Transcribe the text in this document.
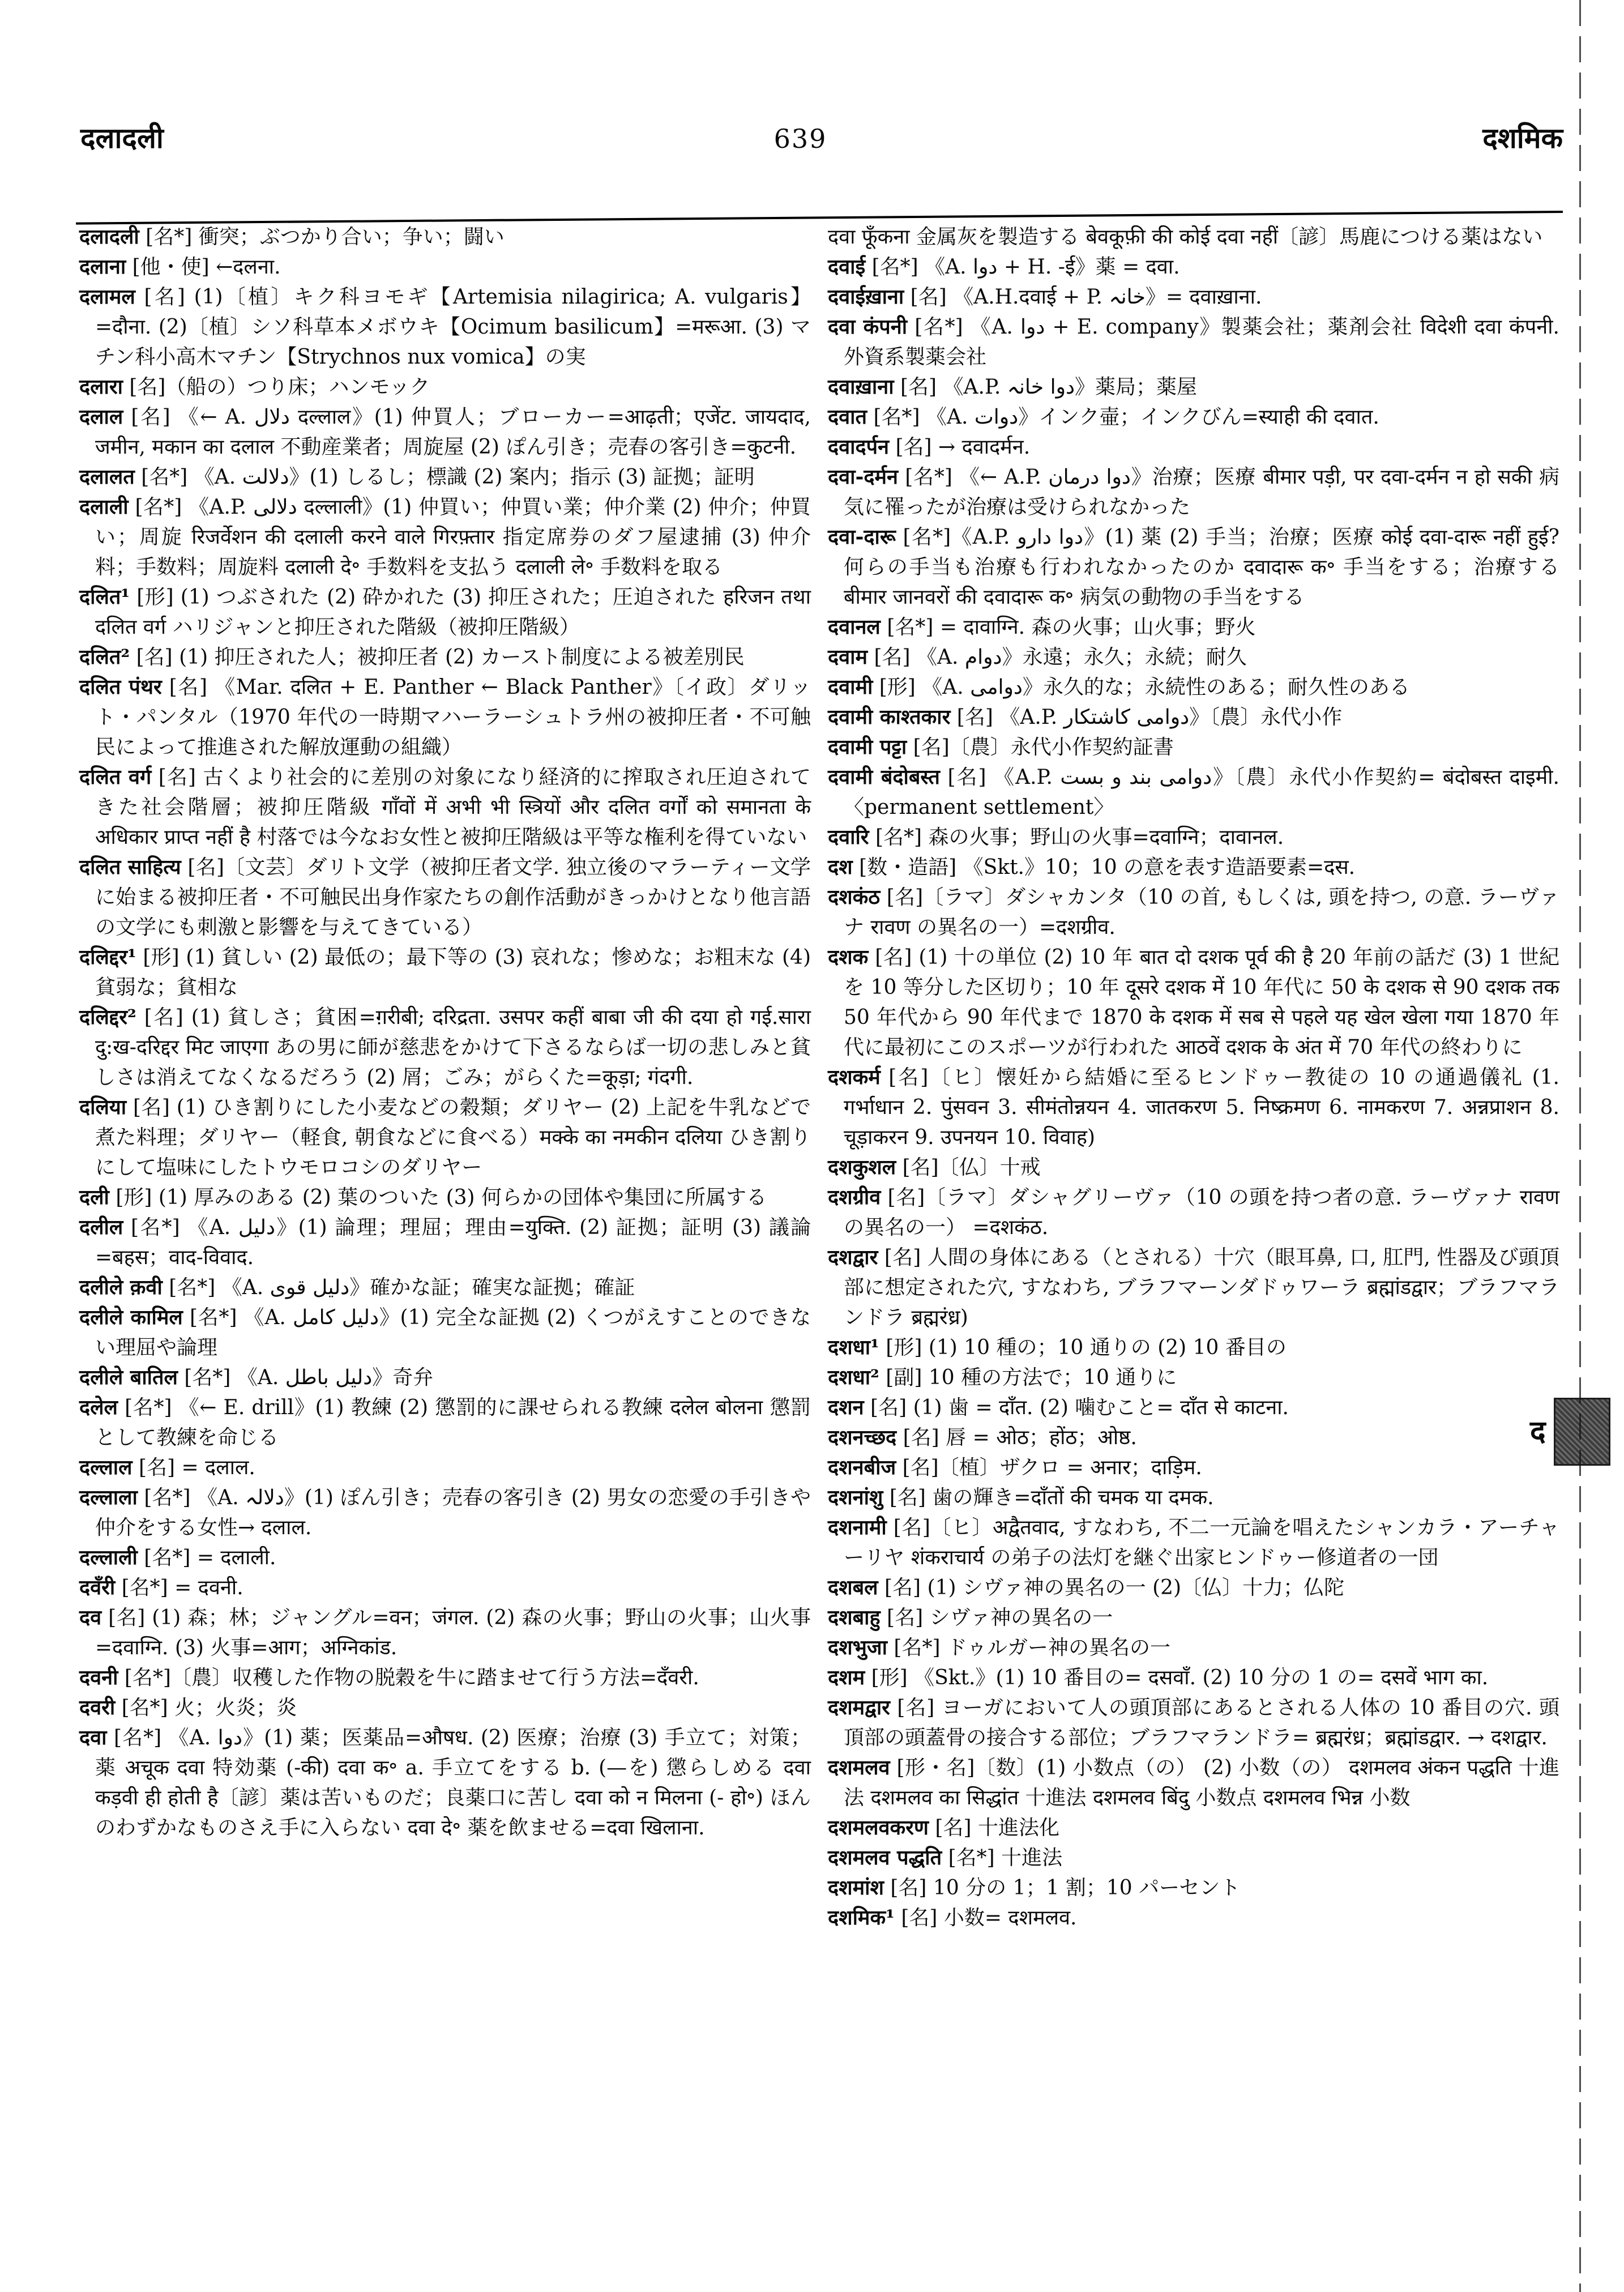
दलादली	639	दशमिक

दलादली [名*] 衝突；ぶつかり合い；争い；闘い

दलाना [他・使] ←दलना.

दलामल [名] (1)〔植〕キク科ヨモギ【Artemisia nilagirica; A. vulgaris】=दौना. (2)〔植〕シソ科草本メボウキ【Ocimum basilicum】=मरूआ. (3) マチン科小高木マチン【Strychnos nux vomica】の実

दलारा [名]（船の）つり床；ハンモック

दलाल [名] 《← A. دلال दल्लाल》(1) 仲買人；ブローカー=आढ़ती；एजेंट. जायदाद, जमीन, मकान का दलाल 不動産業者；周旋屋 (2) ぽん引き；売春の客引き=कुटनी.

दलालत [名*] 《A. دلالت》(1) しるし；標識 (2) 案内；指示 (3) 証拠；証明

दलाली [名*] 《A.P. دلالی दल्लाली》(1) 仲買い；仲買い業；仲介業 (2) 仲介；仲買い；周旋 रिजर्वेशन की दलाली करने वाले गिरफ़्तार 指定席券のダフ屋逮捕 (3) 仲介料；手数料；周旋料 दलाली दे॰ 手数料を支払う दलाली ले॰ 手数料を取る

दलित¹ [形] (1) つぶされた (2) 砕かれた (3) 抑圧された；圧迫された हरिजन तथा दलित वर्ग ハリジャンと抑圧された階級（被抑圧階級）

दलित² [名] (1) 抑圧された人；被抑圧者 (2) カースト制度による被差別民

दलित पंथर [名] 《Mar. दलित + E. Panther ← Black Panther》〔イ政〕ダリット・パンタル（1970 年代の一時期マハーラーシュトラ州の被抑圧者・不可触民によって推進された解放運動の組織）

दलित वर्ग [名] 古くより社会的に差別の対象になり経済的に搾取され圧迫されてきた社会階層；被抑圧階級 गाँवों में अभी भी स्त्रियों और दलित वर्गों को समानता के अधिकार प्राप्त नहीं है 村落では今なお女性と被抑圧階級は平等な権利を得ていない

दलित साहित्य [名]〔文芸〕ダリト文学（被抑圧者文学. 独立後のマラーティー文学に始まる被抑圧者・不可触民出身作家たちの創作活動がきっかけとなり他言語の文学にも刺激と影響を与えてきている）

दलिद्दर¹ [形] (1) 貧しい (2) 最低の；最下等の (3) 哀れな；惨めな；お粗末な (4) 貧弱な；貧相な

दलिद्दर² [名] (1) 貧しさ；貧困=ग़रीबी; दरिद्रता. उसपर कहीं बाबा जी की दया हो गई.सारा दु:ख-दरिद्दर मिट जाएगा あの男に師が慈悲をかけて下さるならば一切の悲しみと貧しさは消えてなくなるだろう (2) 屑；ごみ；がらくた=कूड़ा; गंदगी.

दलिया [名] (1) ひき割りにした小麦などの穀類；ダリヤー (2) 上記を牛乳などで煮た料理；ダリヤー（軽食, 朝食などに食べる）मक्के का नमकीन दलिया ひき割りにして塩味にしたトウモロコシのダリヤー

दली [形] (1) 厚みのある (2) 葉のついた (3) 何らかの団体や集団に所属する

दलील [名*] 《A. دلیل》(1) 論理；理屈；理由=युक्ति. (2) 証拠；証明 (3) 議論=बहस；वाद-विवाद.

दलीले क़वी [名*] 《A. دلیل قوی》確かな証；確実な証拠；確証

दलीले कामिल [名*] 《A. دلیل کامل》(1) 完全な証拠 (2) くつがえすことのできない理屈や論理

दलीले बातिल [名*] 《A. دلیل باطل》奇弁

दलेल [名*] 《← E. drill》(1) 教練 (2) 懲罰的に課せられる教練 दलेल बोलना 懲罰として教練を命じる

दल्लाल [名] = दलाल.

दल्लाला [名*] 《A. دلالہ》(1) ぽん引き；売春の客引き (2) 男女の恋愛の手引きや仲介をする女性→ दलाल.

दल्लाली [名*] = दलाली.

दवँरी [名*] = दवनी.

दव [名] (1) 森；林；ジャングル=वन；जंगल. (2) 森の火事；野山の火事；山火事=दवाग्नि. (3) 火事=आग；अग्निकांड.

दवनी [名*]〔農〕収穫した作物の脱穀を牛に踏ませて行う方法=दँवरी.

दवरी [名*] 火；火炎；炎

दवा [名*] 《A. دوا》(1) 薬；医薬品=औषध. (2) 医療；治療 (3) 手立て；対策；薬 अचूक दवा 特効薬 (-की) दवा क॰ a. 手立てをする b. (—を) 懲らしめる दवा कड़वी ही होती है〔諺〕薬は苦いものだ；良薬口に苦し दवा को न मिलना (- हो॰) ほんのわずかなものさえ手に入らない दवा दे॰ 薬を飲ませる=दवा खिलाना.

दवा फूँकना 金属灰を製造する बेवकूफ़ी की कोई दवा नहीं〔諺〕馬鹿につける薬はない

दवाई [名*] 《A. دوا + H. -ई》薬 = दवा.

दवाईख़ाना [名] 《A.H.दवाई + P. خانہ》= दवाख़ाना.

दवा कंपनी [名*] 《A. دوا + E. company》製薬会社；薬剤会社 विदेशी दवा कंपनी. 外資系製薬会社

दवाख़ाना [名] 《A.P. دوا خانہ》薬局；薬屋

दवात [名*] 《A. دوات》インク壷；インクびん=स्याही की दवात.

दवादर्पन [名] → दवादर्मन.

दवा-दर्मन [名*] 《← A.P. دوا درمان》治療；医療 बीमार पड़ी, पर दवा-दर्मन न हो सकी 病気に罹ったが治療は受けられなかった

दवा-दारू [名*]《A.P. دوا دارو》(1) 薬 (2) 手当；治療；医療 कोई दवा-दारू नहीं हुई? 何らの手当も治療も行われなかったのか दवादारू क॰ 手当をする；治療する बीमार जानवरों की दवादारू क॰ 病気の動物の手当をする

दवानल [名*] = दावाग्नि. 森の火事；山火事；野火

दवाम [名] 《A. دوام》永遠；永久；永続；耐久

दवामी [形] 《A. دوامی》永久的な；永続性のある；耐久性のある

दवामी काश्तकार [名] 《A.P. دوامی کاشتکار》〔農〕永代小作

दवामी पट्टा [名]〔農〕永代小作契約証書

दवामी बंदोबस्त [名] 《A.P. دوامی بند و بست》〔農〕永代小作契約= बंदोबस्त दाइमी. 〈permanent settlement〉

दवारि [名*] 森の火事；野山の火事=दवाग्नि；दावानल.

दश [数・造語] 《Skt.》10；10 の意を表す造語要素=दस.

दशकंठ [名]〔ラマ〕ダシャカンタ（10 の首, もしくは, 頭を持つ, の意. ラーヴァナ रावण の異名の一）=दशग्रीव.

दशक [名] (1) 十の単位 (2) 10 年 बात दो दशक पूर्व की है 20 年前の話だ (3) 1 世紀を 10 等分した区切り；10 年 दूसरे दशक में 10 年代に 50 के दशक से 90 दशक तक 50 年代から 90 年代まで 1870 के दशक में सब से पहले यह खेल खेला गया 1870 年代に最初にこのスポーツが行われた आठवें दशक के अंत में 70 年代の終わりに

दशकर्म [名]〔ヒ〕懐妊から結婚に至るヒンドゥー教徒の 10 の通過儀礼 (1. गर्भाधान 2. पुंसवन 3. सीमंतोन्नयन 4. जातकरण 5. निष्क्रमण 6. नामकरण 7. अन्नप्राशन 8. चूड़ाकरन 9. उपनयन 10. विवाह)

दशकुशल [名]〔仏〕十戒

दशग्रीव [名]〔ラマ〕ダシャグリーヴァ（10 の頭を持つ者の意. ラーヴァナ रावण の異名の一） =दशकंठ.

दशद्वार [名] 人間の身体にある（とされる）十穴（眼耳鼻, 口, 肛門, 性器及び頭頂部に想定された穴, すなわち, ブラフマーンダドゥワーラ ब्रह्मांडद्वार；ブラフマランドラ ब्रह्मरंध्र)

दशधा¹ [形] (1) 10 種の；10 通りの (2) 10 番目の

दशधा² [副] 10 種の方法で；10 通りに

दशन [名] (1) 歯 = दाँत. (2) 噛むこと= दाँत से काटना.

दशनच्छद [名] 唇 = ओठ；होंठ；ओष्ठ.

दशनबीज [名]〔植〕ザクロ = अनार；दाड़िम.

दशनांशु [名] 歯の輝き=दाँतों की चमक या दमक.

दशनामी [名]〔ヒ〕अद्वैतवाद, すなわち, 不二一元論を唱えたシャンカラ・アーチャーリヤ शंकराचार्य の弟子の法灯を継ぐ出家ヒンドゥー修道者の一団

दशबल [名] (1) シヴァ神の異名の一 (2)〔仏〕十力；仏陀

दशबाहु [名] シヴァ神の異名の一

दशभुजा [名*] ドゥルガー神の異名の一

दशम [形] 《Skt.》(1) 10 番目の= दसवाँ. (2) 10 分の 1 の= दसवें भाग का.

दशमद्वार [名] ヨーガにおいて人の頭頂部にあるとされる人体の 10 番目の穴. 頭頂部の頭蓋骨の接合する部位；ブラフマランドラ= ब्रह्मरंध्र；ब्रह्मांडद्वार. → दशद्वार.

दशमलव [形・名]〔数〕(1) 小数点（の） (2) 小数（の） दशमलव अंकन पद्धति 十進法 दशमलव का सिद्धांत 十進法 दशमलव बिंदु 小数点 दशमलव भिन्न 小数

दशमलवकरण [名] 十進法化

दशमलव पद्धति [名*] 十進法

दशमांश [名] 10 分の 1；1 割；10 パーセント

दशमिक¹ [名] 小数= दशमलव.

द
